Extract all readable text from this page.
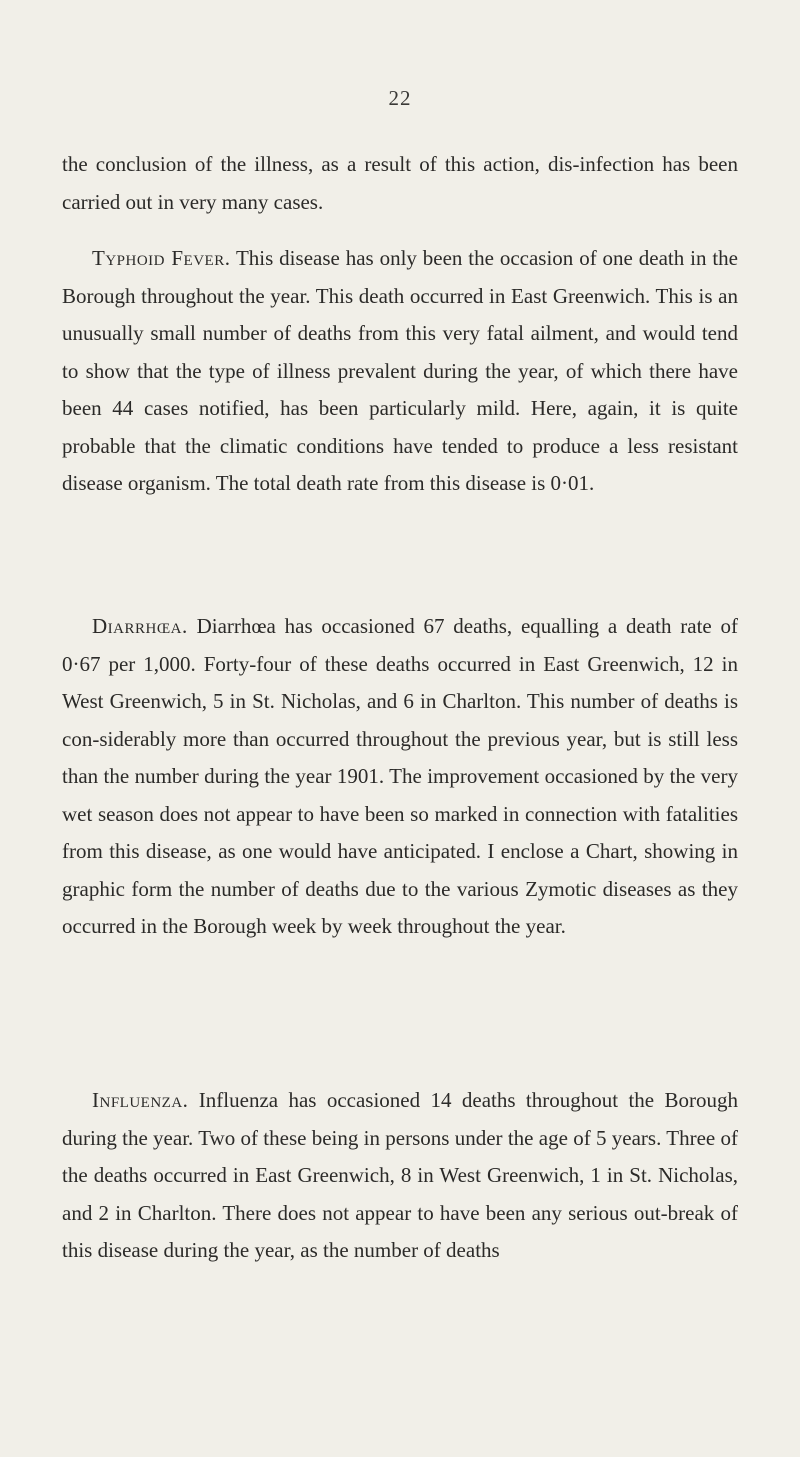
22

the conclusion of the illness, as a result of this action, dis-infection has been carried out in very many cases.

Typhoid Fever. This disease has only been the occasion of one death in the Borough throughout the year. This death occurred in East Greenwich. This is an unusually small number of deaths from this very fatal ailment, and would tend to show that the type of illness prevalent during the year, of which there have been 44 cases notified, has been particularly mild. Here, again, it is quite probable that the climatic conditions have tended to produce a less resistant disease organism. The total death rate from this disease is 0·01.

Diarrhœa. Diarrhœa has occasioned 67 deaths, equalling a death rate of 0·67 per 1,000. Forty-four of these deaths occurred in East Greenwich, 12 in West Greenwich, 5 in St. Nicholas, and 6 in Charlton. This number of deaths is con-siderably more than occurred throughout the previous year, but is still less than the number during the year 1901. The improvement occasioned by the very wet season does not appear to have been so marked in connection with fatalities from this disease, as one would have anticipated. I enclose a Chart, showing in graphic form the number of deaths due to the various Zymotic diseases as they occurred in the Borough week by week throughout the year.

Influenza. Influenza has occasioned 14 deaths throughout the Borough during the year. Two of these being in persons under the age of 5 years. Three of the deaths occurred in East Greenwich, 8 in West Greenwich, 1 in St. Nicholas, and 2 in Charlton. There does not appear to have been any serious out-break of this disease during the year, as the number of deaths
